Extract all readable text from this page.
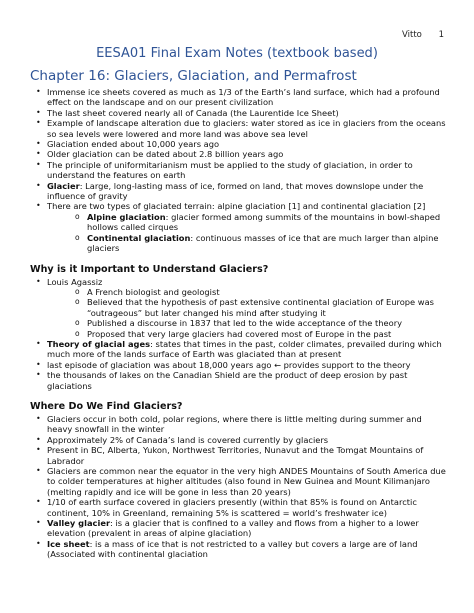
Vitto 1
EESA01 Final Exam Notes (textbook based)
Chapter 16: Glaciers, Glaciation, and Permafrost
• Immense ice sheets covered as much as 1/3 of the Earth’s land surface, which had a profound effect on the landscape and on our present civilization
• The last sheet covered nearly all of Canada (the Laurentide Ice Sheet)
• Example of landscape alteration due to glaciers: water stored as ice in glaciers from the oceans so sea levels were lowered and more land was above sea level
• Glaciation ended about 10,000 years ago
• Older glaciation can be dated about 2.8 billion years ago
• The principle of uniformitarianism must be applied to the study of glaciation, in order to understand the features on earth
• Glacier: Large, long-lasting mass of ice, formed on land, that moves downslope under the influence of gravity
• There are two types of glaciated terrain: alpine glaciation [1] and continental glaciation [2]
o Alpine glaciation: glacier formed among summits of the mountains in bowl-shaped hollows called cirques
o Continental glaciation: continuous masses of ice that are much larger than alpine glaciers
Why is it Important to Understand Glaciers?
• Louis Agassiz
o A French biologist and geologist
o Believed that the hypothesis of past extensive continental glaciation of Europe was “outrageous” but later changed his mind after studying it
o Published a discourse in 1837 that led to the wide acceptance of the theory
o Proposed that very large glaciers had covered most of Europe in the past
• Theory of glacial ages: states that times in the past, colder climates, prevailed during which much more of the lands surface of Earth was glaciated than at present
• last episode of glaciation was about 18,000 years ago ← provides support to the theory
• the thousands of lakes on the Canadian Shield are the product of deep erosion by past glaciations
Where Do We Find Glaciers?
• Glaciers occur in both cold, polar regions, where there is little melting during summer and heavy snowfall in the winter
• Approximately 2% of Canada’s land is covered currently by glaciers
• Present in BC, Alberta, Yukon, Northwest Territories, Nunavut and the Tomgat Mountains of Labrador
• Glaciers are common near the equator in the very high ANDES Mountains of South America due to colder temperatures at higher altitudes (also found in New Guinea and Mount Kilimanjaro (melting rapidly and ice will be gone in less than 20 years)
• 1/10 of earth surface covered in glaciers presently (within that 85% is found on Antarctic continent, 10% in Greenland, remaining 5% is scattered = world’s freshwater ice)
• Valley glacier: is a glacier that is confined to a valley and flows from a higher to a lower elevation (prevalent in areas of alpine glaciation)
• Ice sheet: is a mass of ice that is not restricted to a valley but covers a large are of land (Associated with continental glaciation
